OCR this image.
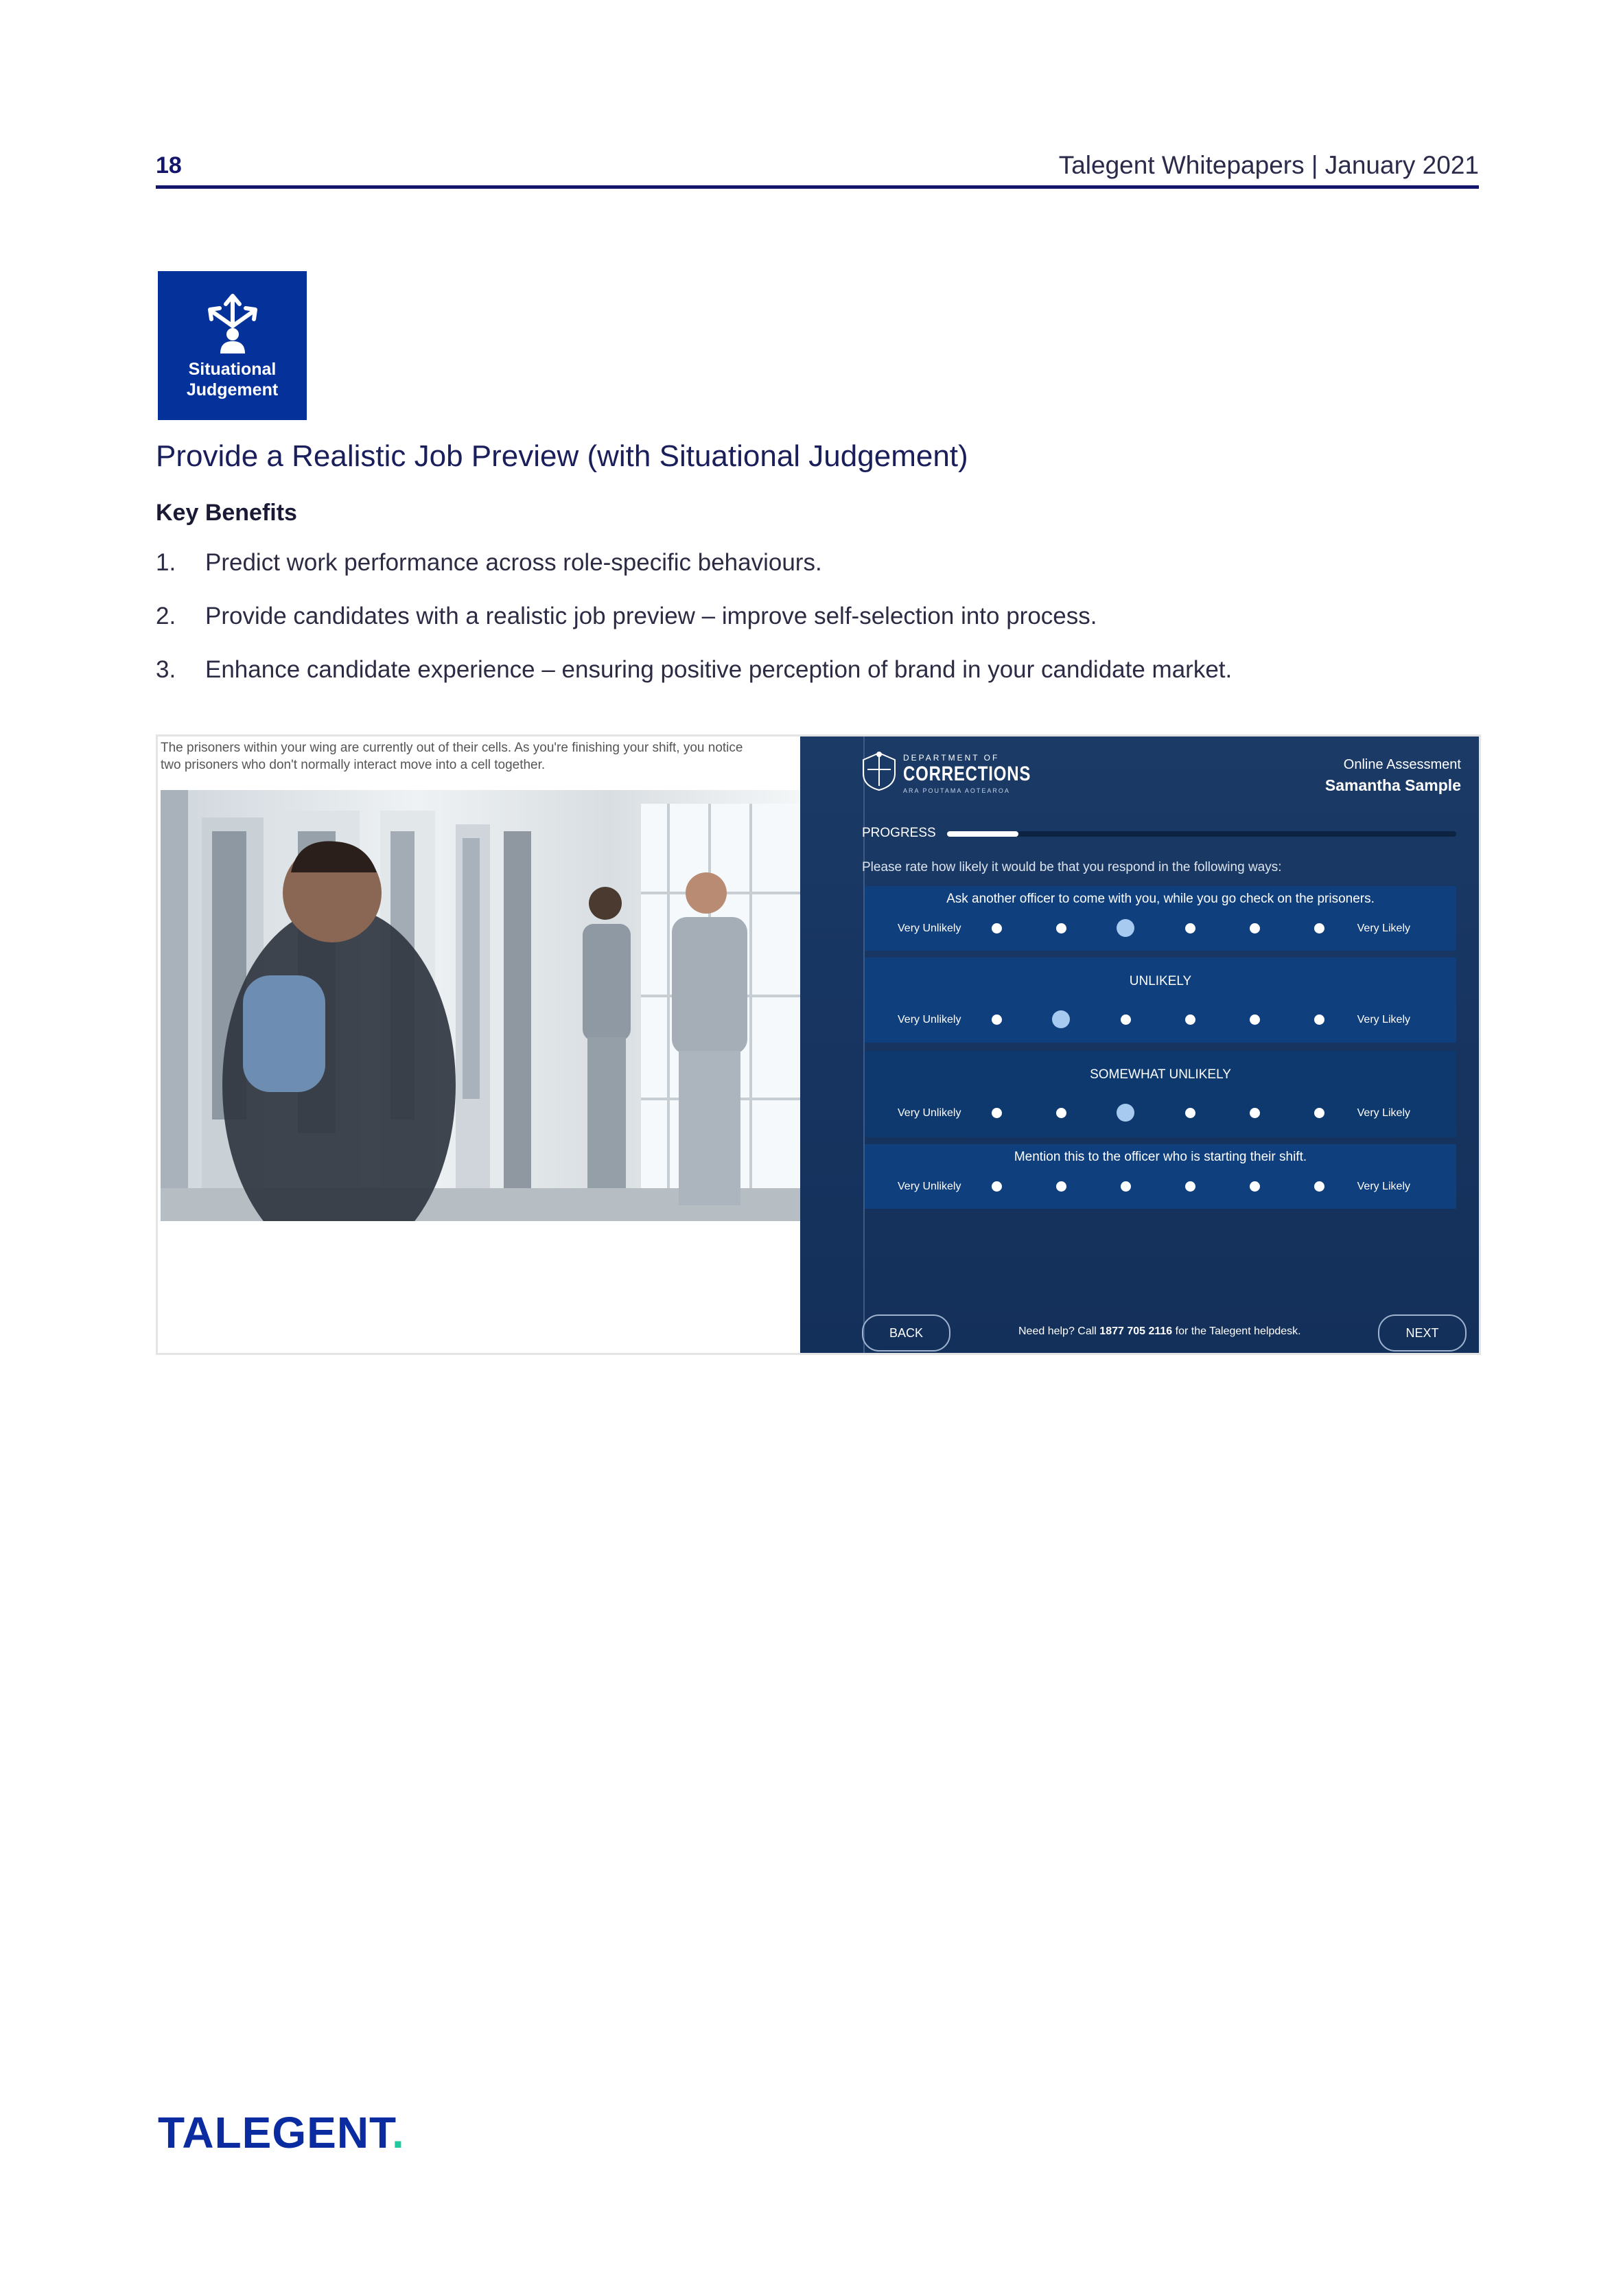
18	Talegent Whitepapers | January 2021
Situational
Judgement
Provide a Realistic Job Preview (with Situational Judgement)
Key Benefits
1. Predict work performance across role-specific behaviours.
2. Provide candidates with a realistic job preview – improve self-selection into process.
3. Enhance candidate experience – ensuring positive perception of brand in your candidate market.
The prisoners within your wing are currently out of their cells. As you're finishing your shift, you notice
two prisoners who don't normally interact move into a cell together.	DEPARTMENT OF
CORRECTIONS
ARA POUTAMA AOTEAROA
Online Assessment
Samantha Sample
PROGRESS
Please rate how likely it would be that you respond in the following ways:
Ask another officer to come with you, while you go check on the prisoners.
Very Unlikely	Very Likely
UNLIKELY
Very Unlikely	Very Likely
SOMEWHAT UNLIKELY
Very Unlikely	Very Likely
Mention this to the officer who is starting their shift.
Very Unlikely	Very Likely
BACK	Need help? Call 1877 705 2116 for the Talegent helpdesk.	NEXT
TALEGENT.
